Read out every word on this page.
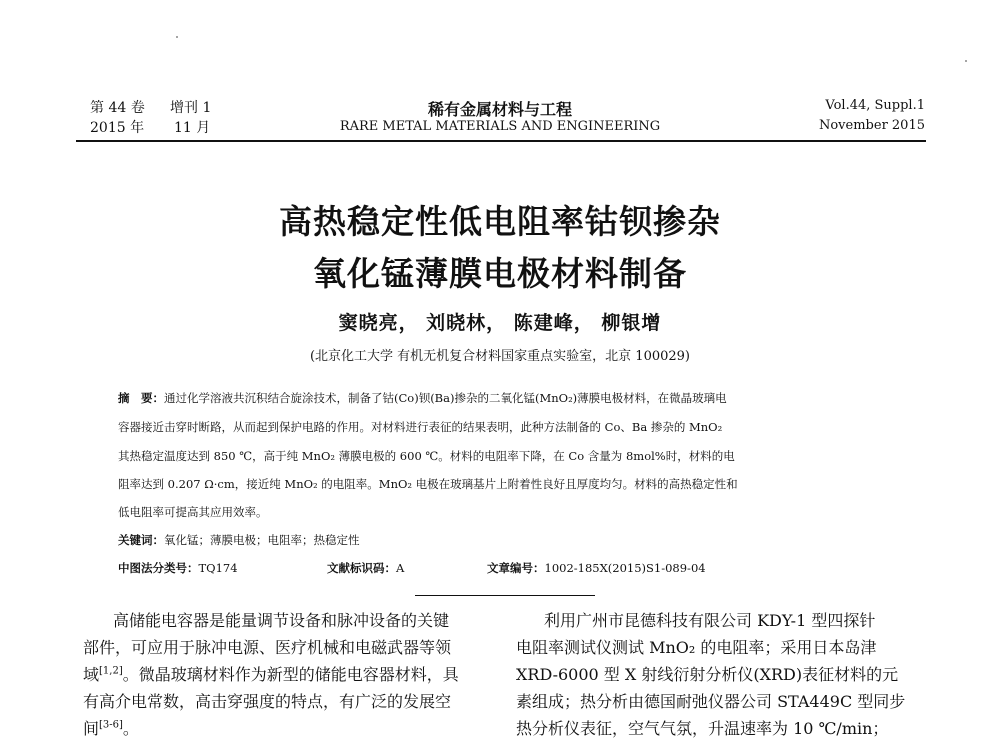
第 44 卷 增刊 1
2015 年 11 月
稀有金属材料与工程
RARE METAL MATERIALS AND ENGINEERING
Vol.44, Suppl.1
November 2015
高热稳定性低电阻率钴钡掺杂
氧化锰薄膜电极材料制备
窦晓亮， 刘晓林， 陈建峰， 柳银增
(北京化工大学 有机无机复合材料国家重点实验室，北京 100029)
摘　要：通过化学溶液共沉积结合旋涂技术，制备了钴(Co)钡(Ba)掺杂的二氧化锰(MnO₂)薄膜电极材料，在微晶玻璃电
容器接近击穿时断路，从而起到保护电路的作用。对材料进行表征的结果表明，此种方法制备的 Co、Ba 掺杂的 MnO₂
其热稳定温度达到 850 ℃，高于纯 MnO₂ 薄膜电极的 600 ℃。材料的电阻率下降，在 Co 含量为 8mol%时，材料的电
阻率达到 0.207 Ω·cm，接近纯 MnO₂ 的电阻率。MnO₂ 电极在玻璃基片上附着性良好且厚度均匀。材料的高热稳定性和
低电阻率可提高其应用效率。
关键词：氧化锰；薄膜电极；电阻率；热稳定性
中图法分类号：TQ174	文献标识码：A	文章编号：1002-185X(2015)S1-089-04
高储能电容器是能量调节设备和脉冲设备的关键
部件，可应用于脉冲电源、医疗机械和电磁武器等领
域[1,2]。微晶玻璃材料作为新型的储能电容器材料，具
有高介电常数，高击穿强度的特点，有广泛的发展空
间[3-6]。
利用广州市昆德科技有限公司 KDY-1 型四探针
电阻率测试仪测试 MnO₂ 的电阻率；采用日本岛津
XRD-6000 型 X 射线衍射分析仪(XRD)表征材料的元
素组成；热分析由德国耐弛仪器公司 STA449C 型同步
热分析仪表征，空气气氛，升温速率为 10 ℃/min；
